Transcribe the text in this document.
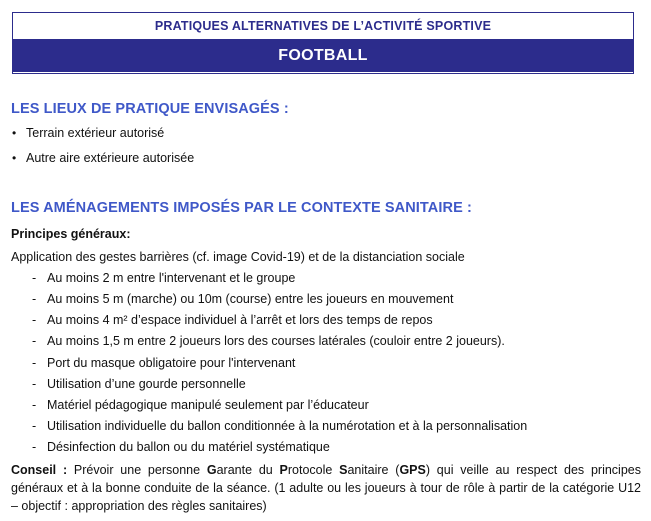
PRATIQUES ALTERNATIVES DE L’ACTIVITÉ SPORTIVE
FOOTBALL
LES LIEUX DE PRATIQUE ENVISAGÉS :
• Terrain extérieur autorisé
• Autre aire extérieure autorisée
LES AMÉNAGEMENTS IMPOSÉS PAR LE CONTEXTE SANITAIRE :
Principes généraux:
Application des gestes barrières (cf. image Covid-19) et de la distanciation sociale
- Au moins 2 m entre l'intervenant et le groupe
- Au moins 5 m (marche) ou 10m (course) entre les joueurs en mouvement
- Au moins 4 m² d’espace individuel à l’arrêt et lors des temps de repos
- Au moins 1,5 m entre 2 joueurs lors des courses latérales (couloir entre 2 joueurs).
- Port du masque obligatoire pour l'intervenant
- Utilisation d’une gourde personnelle
- Matériel pédagogique manipulé seulement par l’éducateur
- Utilisation individuelle du ballon conditionnée à la numérotation et à la personnalisation
- Désinfection du ballon ou du matériel systématique
Conseil : Prévoir une personne Garante du Protocole Sanitaire (GPS) qui veille au respect des principes généraux et à la bonne conduite de la séance. (1 adulte ou les joueurs à tour de rôle à partir de la catégorie U12 – objectif : appropriation des règles sanitaires)
